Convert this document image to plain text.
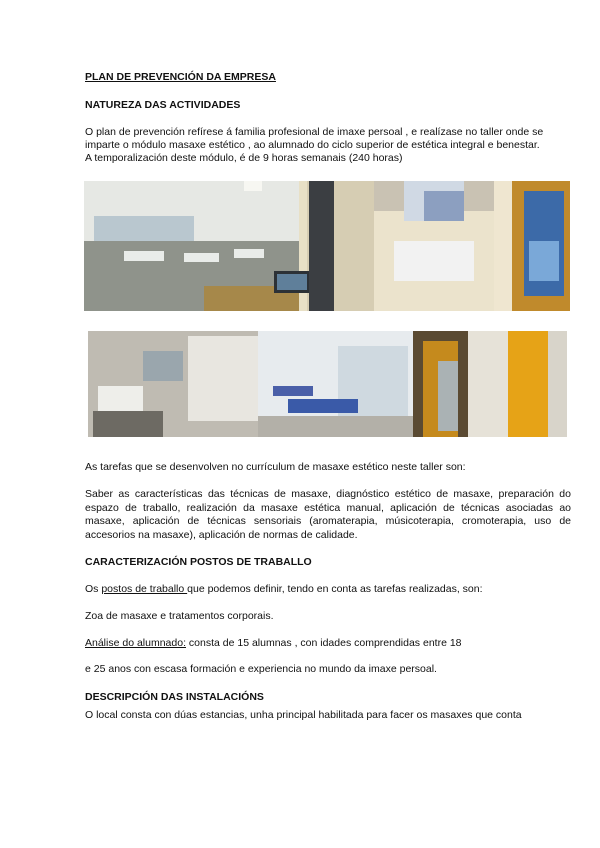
PLAN DE PREVENCIÓN DA EMPRESA
NATUREZA DAS ACTIVIDADES
O plan de prevención refírese á familia profesional de imaxe persoal , e realízase no taller onde se
imparte o módulo masaxe estético , ao alumnado do ciclo superior de estética integral e benestar.
A temporalización deste módulo, é de 9 horas semanais (240 horas)
As tarefas que se desenvolven no currículum de masaxe estético neste taller son:
Saber as características das técnicas de masaxe, diagnóstico estético de masaxe, preparación do espazo de traballo, realización da masaxe estética manual, aplicación de técnicas asociadas ao masaxe, aplicación de técnicas sensoriais (aromaterapia, músicoterapia, cromoterapia, uso de accesorios na masaxe), aplicación de normas de calidade.
CARACTERIZACIÓN POSTOS DE TRABALLO
Os postos de traballo que podemos definir, tendo en conta as tarefas realizadas, son:
Zoa de masaxe e tratamentos corporais.
Análise do alumnado: consta de 15 alumnas , con idades comprendidas entre 18
e 25 anos con escasa formación e experiencia no mundo da imaxe persoal.
DESCRIPCIÓN DAS INSTALACIÓNS
O local consta con dúas estancias, unha principal habilitada para facer os masaxes que conta
